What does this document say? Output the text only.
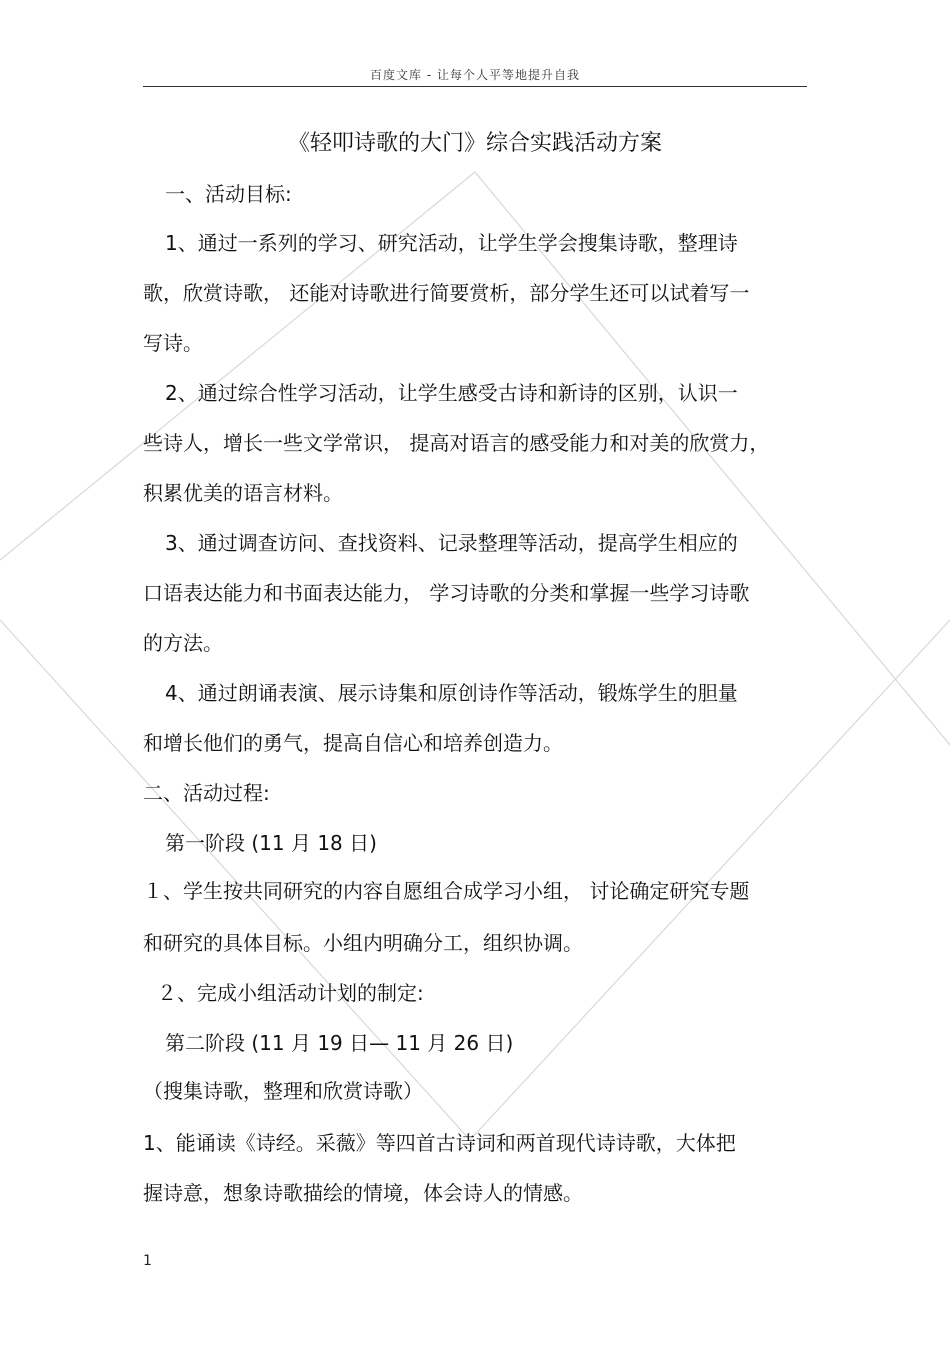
百度文库 - 让每个人平等地提升自我
《轻叩诗歌的大门》综合实践活动方案
一、活动目标:
1、通过一系列的学习、研究活动，让学生学会搜集诗歌，整理诗
歌，欣赏诗歌， 还能对诗歌进行简要赏析，部分学生还可以试着写一
写诗。
2、通过综合性学习活动，让学生感受古诗和新诗的区别，认识一
些诗人，增长一些文学常识， 提高对语言的感受能力和对美的欣赏力，
积累优美的语言材料。
3、通过调查访问、查找资料、记录整理等活动，提高学生相应的
口语表达能力和书面表达能力， 学习诗歌的分类和掌握一些学习诗歌
的方法。
4、通过朗诵表演、展示诗集和原创诗作等活动，锻炼学生的胆量
和增长他们的勇气，提高自信心和培养创造力。
二、活动过程:
第一阶段 (11 月 18 日)
１、学生按共同研究的内容自愿组合成学习小组， 讨论确定研究专题
和研究的具体目标。小组内明确分工，组织协调。
２、完成小组活动计划的制定:
第二阶段 (11 月 19 日— 11 月 26 日)
（搜集诗歌，整理和欣赏诗歌）
1、能诵读《诗经。采薇》等四首古诗词和两首现代诗诗歌，大体把
握诗意，想象诗歌描绘的情境，体会诗人的情感。
1
